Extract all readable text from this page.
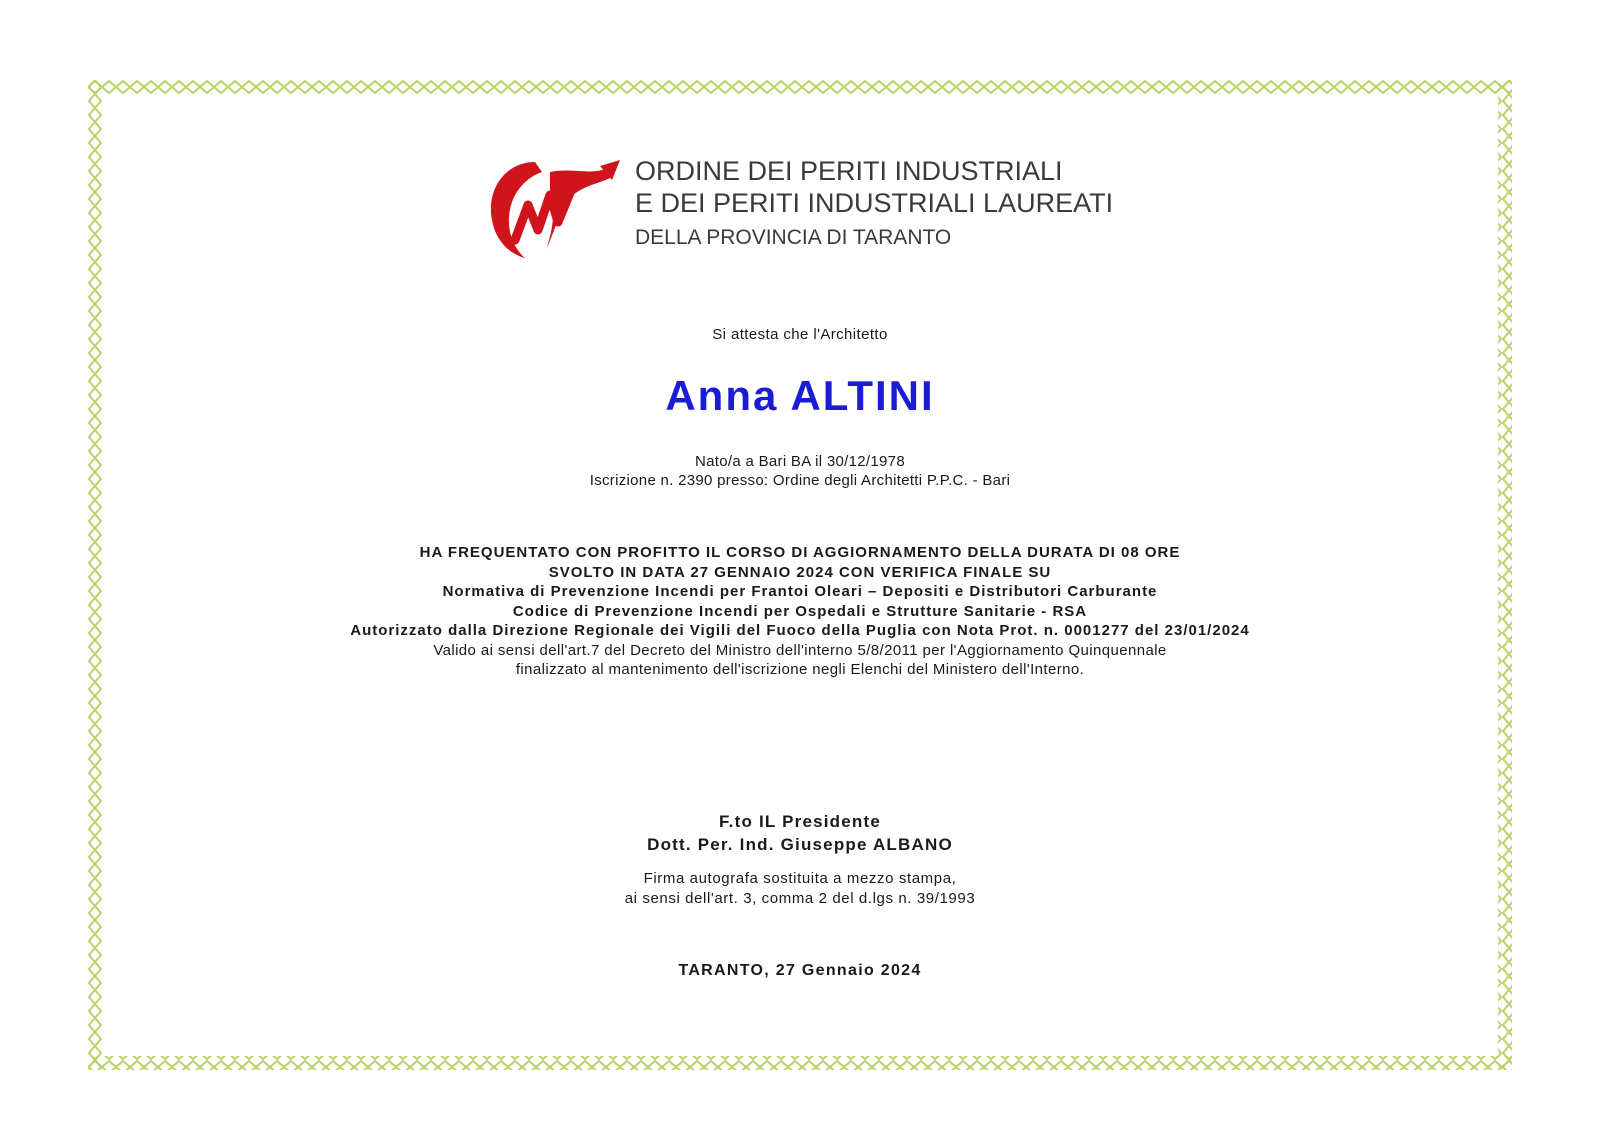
ORDINE DEI PERITI INDUSTRIALI
E DEI PERITI INDUSTRIALI LAUREATI
DELLA PROVINCIA DI TARANTO
Si attesta che l'Architetto
Anna ALTINI
Nato/a a Bari BA il 30/12/1978
Iscrizione n. 2390 presso: Ordine degli Architetti P.P.C. - Bari
HA FREQUENTATO CON PROFITTO IL CORSO DI AGGIORNAMENTO DELLA DURATA DI 08 ORE
SVOLTO IN DATA 27 GENNAIO 2024 CON VERIFICA FINALE SU
Normativa di Prevenzione Incendi per Frantoi Oleari – Depositi e Distributori Carburante
Codice di Prevenzione Incendi per Ospedali e Strutture Sanitarie - RSA
Autorizzato dalla Direzione Regionale dei Vigili del Fuoco della Puglia con Nota Prot. n. 0001277 del 23/01/2024
Valido ai sensi dell'art.7 del Decreto del Ministro dell'interno 5/8/2011 per l'Aggiornamento Quinquennale
finalizzato al mantenimento dell'iscrizione negli Elenchi del Ministero dell'Interno.
F.to IL Presidente
Dott. Per. Ind. Giuseppe ALBANO
Firma autografa sostituita a mezzo stampa,
ai sensi dell'art. 3, comma 2 del d.lgs n. 39/1993
TARANTO, 27 Gennaio 2024
